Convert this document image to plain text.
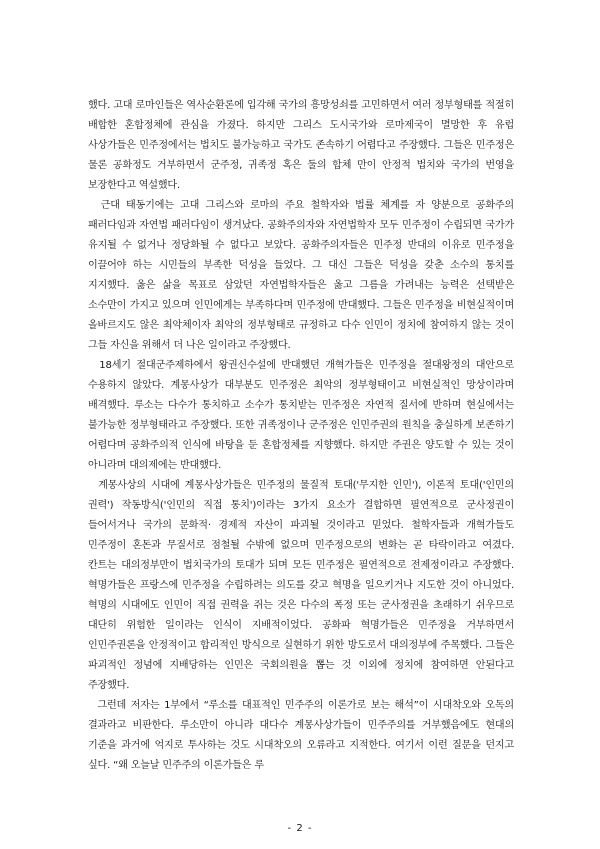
했다. 고대 로마인들은 역사순환론에 입각해 국가의 흥망성쇠를 고민하면서 여러 정부형태를 적절히 배합한 혼합정체에 관심을 가졌다. 하지만 그리스 도시국가와 로마제국이 멸망한 후 유럽 사상가들은 민주정에서는 법치도 불가능하고 국가도 존속하기 어렵다고 주장했다. 그들은 민주정은 물론 공화정도 거부하면서 군주정, 귀족정 혹은 둘의 합체 만이 안정적 법치와 국가의 번영을 보장한다고 역설했다.

근대 태동기에는 고대 그리스와 로마의 주요 철학자와 법률 체계를 자 양분으로 공화주의 패러다임과 자연법 패러다임이 생겨났다. 공화주의자와 자연법학자 모두 민주정이 수립되면 국가가 유지될 수 없거나 정당화될 수 없다고 보았다. 공화주의자들은 민주정 반대의 이유로 민주정을 이끌어야 하는 시민들의 부족한 덕성을 들었다. 그 대신 그들은 덕성을 갖춘 소수의 통치를 지지했다. 옳은 삶을 목표로 삼았던 자연법학자들은 옳고 그름을 가려내는 능력은 선택받은 소수만이 가지고 있으며 인민에게는 부족하다며 민주정에 반대했다. 그들은 민주정을 비현실적이며 올바르지도 않은 최악체이자 최악의 정부형태로 규정하고 다수 인민이 정치에 참여하지 않는 것이 그들 자신을 위해서 더 나은 일이라고 주장했다.

18세기 절대군주제하에서 왕권신수설에 반대했던 개혁가들은 민주정을 절대왕정의 대안으로 수용하지 않았다. 계몽사상가 대부분도 민주정은 최악의 정부형태이고 비현실적인 망상이라며 배격했다. 루소는 다수가 통치하고 소수가 통치받는 민주정은 자연적 질서에 반하며 현실에서는 불가능한 정부형태라고 주장했다. 또한 귀족정이나 군주정은 인민주권의 원칙을 충실하게 보존하기 어렵다며 공화주의적 인식에 바탕을 둔 혼합정체를 지향했다. 하지만 주권은 양도할 수 있는 것이 아니라며 대의제에는 반대했다.

계몽사상의 시대에 계몽사상가들은 민주정의 물질적 토대('무지한 인민'), 이론적 토대('인민의 권력') 작동방식('인민의 직접 통치')이라는 3가지 요소가 결합하면 필연적으로 군사정권이 들어서거나 국가의 문화적· 경제적 자산이 파괴될 것이라고 믿었다. 철학자들과 개혁가들도 민주정이 혼돈과 무질서로 점철될 수밖에 없으며 민주정으로의 변화는 곧 타락이라고 여겼다. 칸트는 대의정부만이 법치국가의 토대가 되며 모든 민주정은 필연적으로 전제정이라고 주장했다. 혁명가들은 프랑스에 민주정을 수립하려는 의도를 갖고 혁명을 일으키거나 지도한 것이 아니었다. 혁명의 시대에도 인민이 직접 권력을 쥐는 것은 다수의 폭정 또는 군사정권을 초래하기 쉬우므로 대단히 위험한 일이라는 인식이 지배적이었다. 공화파 혁명가들은 민주정을 거부하면서 인민주권론을 안정적이고 합리적인 방식으로 실현하기 위한 방도로서 대의정부에 주목했다. 그들은 파괴적인 정념에 지배당하는 인민은 국회의원을 뽑는 것 이외에 정치에 참여하면 안된다고 주장했다.

그런데 저자는 1부에서 “루소를 대표적인 민주주의 이론가로 보는 해석”이 시대착오와 오독의 결과라고 비판한다. 루소만이 아니라 대다수 계몽사상가들이 민주주의를 거부했음에도 현대의 기준을 과거에 억지로 투사하는 것도 시대착오의 오류라고 지적한다. 여기서 이런 질문을 던지고 싶다. “왜 오늘날 민주주의 이론가들은 루

- 2 -
